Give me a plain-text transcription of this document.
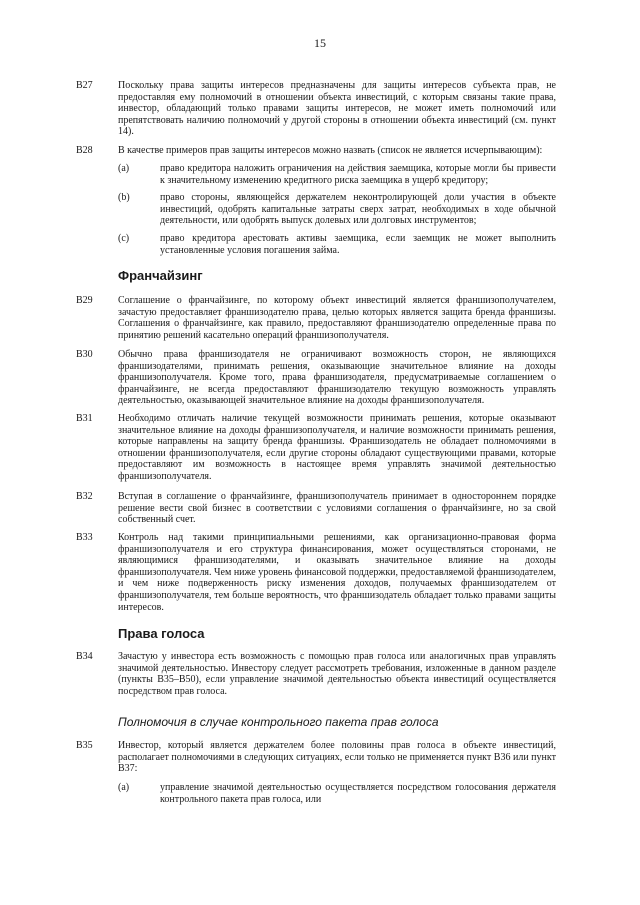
15
B27	Поскольку права защиты интересов предназначены для защиты интересов субъекта прав, не предоставляя ему полномочий в отношении объекта инвестиций, с которым связаны такие права, инвестор, обладающий только правами защиты интересов, не может иметь полномочий или препятствовать наличию полномочий у другой стороны в отношении объекта инвестиций (см. пункт 14).
B28	В качестве примеров прав защиты интересов можно назвать (список не является исчерпывающим):
(a)	право кредитора наложить ограничения на действия заемщика, которые могли бы привести к значительному изменению кредитного риска заемщика в ущерб кредитору;
(b)	право стороны, являющейся держателем неконтролирующей доли участия в объекте инвестиций, одобрять капитальные затраты сверх затрат, необходимых в ходе обычной деятельности, или одобрять выпуск долевых или долговых инструментов;
(c)	право кредитора арестовать активы заемщика, если заемщик не может выполнить установленные условия погашения займа.
Франчайзинг
B29	Соглашение о франчайзинге, по которому объект инвестиций является франшизополучателем, зачастую предоставляет франшизодателю права, целью которых является защита бренда франшизы. Соглашения о франчайзинге, как правило, предоставляют франшизодателю определенные права по принятию решений касательно операций франшизополучателя.
B30	Обычно права франшизодателя не ограничивают возможность сторон, не являющихся франшизодателями, принимать решения, оказывающие значительное влияние на доходы франшизополучателя. Кроме того, права франшизодателя, предусматриваемые соглашением о франчайзинге, не всегда предоставляют франшизодателю текущую возможность управлять деятельностью, оказывающей значительное влияние на доходы франшизополучателя.
B31	Необходимо отличать наличие текущей возможности принимать решения, которые оказывают значительное влияние на доходы франшизополучателя, и наличие возможности принимать решения, которые направлены на защиту бренда франшизы. Франшизодатель не обладает полномочиями в отношении франшизополучателя, если другие стороны обладают существующими правами, которые предоставляют им возможность в настоящее время управлять значимой деятельностью франшизополучателя.
B32	Вступая в соглашение о франчайзинге, франшизополучатель принимает в одностороннем порядке решение вести свой бизнес в соответствии с условиями соглашения о франчайзинге, но за свой собственный счет.
B33	Контроль над такими принципиальными решениями, как организационно-правовая форма франшизополучателя и его структура финансирования, может осуществляться сторонами, не являющимися франшизодателями, и оказывать значительное влияние на доходы франшизополучателя. Чем ниже уровень финансовой поддержки, предоставляемой франшизодателем, и чем ниже подверженность риску изменения доходов, получаемых франшизодателем от франшизополучателя, тем больше вероятность, что франшизодатель обладает только правами защиты интересов.
Права голоса
B34	Зачастую у инвестора есть возможность с помощью прав голоса или аналогичных прав управлять значимой деятельностью. Инвестору следует рассмотреть требования, изложенные в данном разделе (пункты B35–B50), если управление значимой деятельностью объекта инвестиций осуществляется посредством прав голоса.
Полномочия в случае контрольного пакета прав голоса
B35	Инвестор, который является держателем более половины прав голоса в объекте инвестиций, располагает полномочиями в следующих ситуациях, если только не применяется пункт B36 или пункт B37:
(a)	управление значимой деятельностью осуществляется посредством голосования держателя контрольного пакета прав голоса, или
